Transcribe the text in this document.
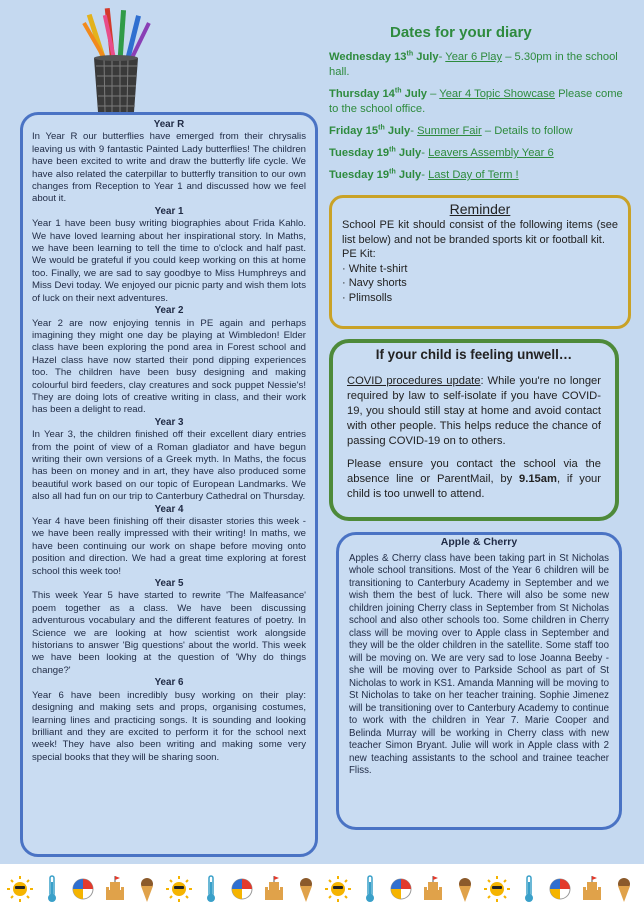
Year R

In Year R our butterflies have emerged from their chrysalis leaving us with 9 fantastic Painted Lady butterflies! The children have been excited to write and draw the butterfly life cycle. We have also related the caterpillar to butterfly transition to our own changes from Reception to Year 1 and discussed how we feel about it.

Year 1

Year 1 have been busy writing biographies about Frida Kahlo. We have loved learning about her inspirational story. In Maths, we have been learning to tell the time to o'clock and half past. We would be grateful if you could keep working on this at home too. Finally, we are sad to say goodbye to Miss Humphreys and Miss Devi today. We enjoyed our picnic party and wish them lots of luck on their next adventures.

Year 2

Year 2 are now enjoying tennis in PE again and perhaps imagining they might one day be playing at Wimbledon! Elder class have been exploring the pond area in Forest school and Hazel class have now started their pond dipping experiences too. The children have been busy designing and making colourful bird feeders, clay creatures and sock puppet Nessie's! They are doing lots of creative writing in class, and their work has been a delight to read.

Year 3

In Year 3, the children finished off their excellent diary entries from the point of view of a Roman gladiator and have begun writing their own versions of a Greek myth. In Maths, the focus has been on money and in art, they have also produced some beautiful work based on our topic of European Landmarks. We also all had fun on our trip to Canterbury Cathedral on Thursday.

Year 4

Year 4 have been finishing off their disaster stories this week - we have been really impressed with their writing! In maths, we have been continuing our work on shape before moving onto position and direction. We had a great time exploring at forest school this week too!

Year 5

This week Year 5 have started to rewrite 'The Malfeasance' poem together as a class. We have been discussing adventurous vocabulary and the different features of poetry. In Science we are looking at how scientist work alongside historians to answer 'Big questions' about the world. This week we have been looking at the question of 'Why do things change?'

Year 6

Year 6 have been incredibly busy working on their play: designing and making sets and props, organising costumes, learning lines and practicing songs. It is sounding and looking brilliant and they are excited to perform it for the school next week! They have also been writing and making some very special books that they will be sharing soon.

Dates for your diary
Wednesday 13th July- Year 6 Play – 5.30pm in the school hall.
Thursday 14th July – Year 4 Topic Showcase Please come to the school office.
Friday 15th July- Summer Fair – Details to follow
Tuesday 19th July- Leavers Assembly Year 6
Tuesday 19th July- Last Day of Term !
Reminder

School PE kit should consist of the following items (see list below) and not be branded sports kit or football kit.

PE Kit:

· White t-shirt
· Navy shorts
· Plimsolls
If your child is feeling unwell…

COVID procedures update: While you're no longer required by law to self-isolate if you have COVID-19, you should still stay at home and avoid contact with other people. This helps reduce the chance of passing COVID-19 on to others.

Please ensure you contact the school via the absence line or ParentMail, by 9.15am, if your child is too unwell to attend.

Apple & Cherry

Apples & Cherry class have been taking part in St Nicholas whole school transitions. Most of the Year 6 children will be transitioning to Canterbury Academy in September and we wish them the best of luck. There will also be some new children joining Cherry class in September from St Nicholas school and also other schools too. Some children in Cherry class will be moving over to Apple class in September and they will be the older children in the satellite. Some staff too will be moving on. We are very sad to lose Joanna Beeby - she will be moving over to Parkside School as part of St Nicholas to work in KS1. Amanda Manning will be moving to St Nicholas to take on her teacher training. Sophie Jimenez will be transitioning over to Canterbury Academy to continue to work with the children in Year 7. Marie Cooper and Belinda Murray will be working in Cherry class with new teacher Simon Bryant. Julie will work in Apple class with 2 new teaching assistants to the school and trainee teacher Fliss.
